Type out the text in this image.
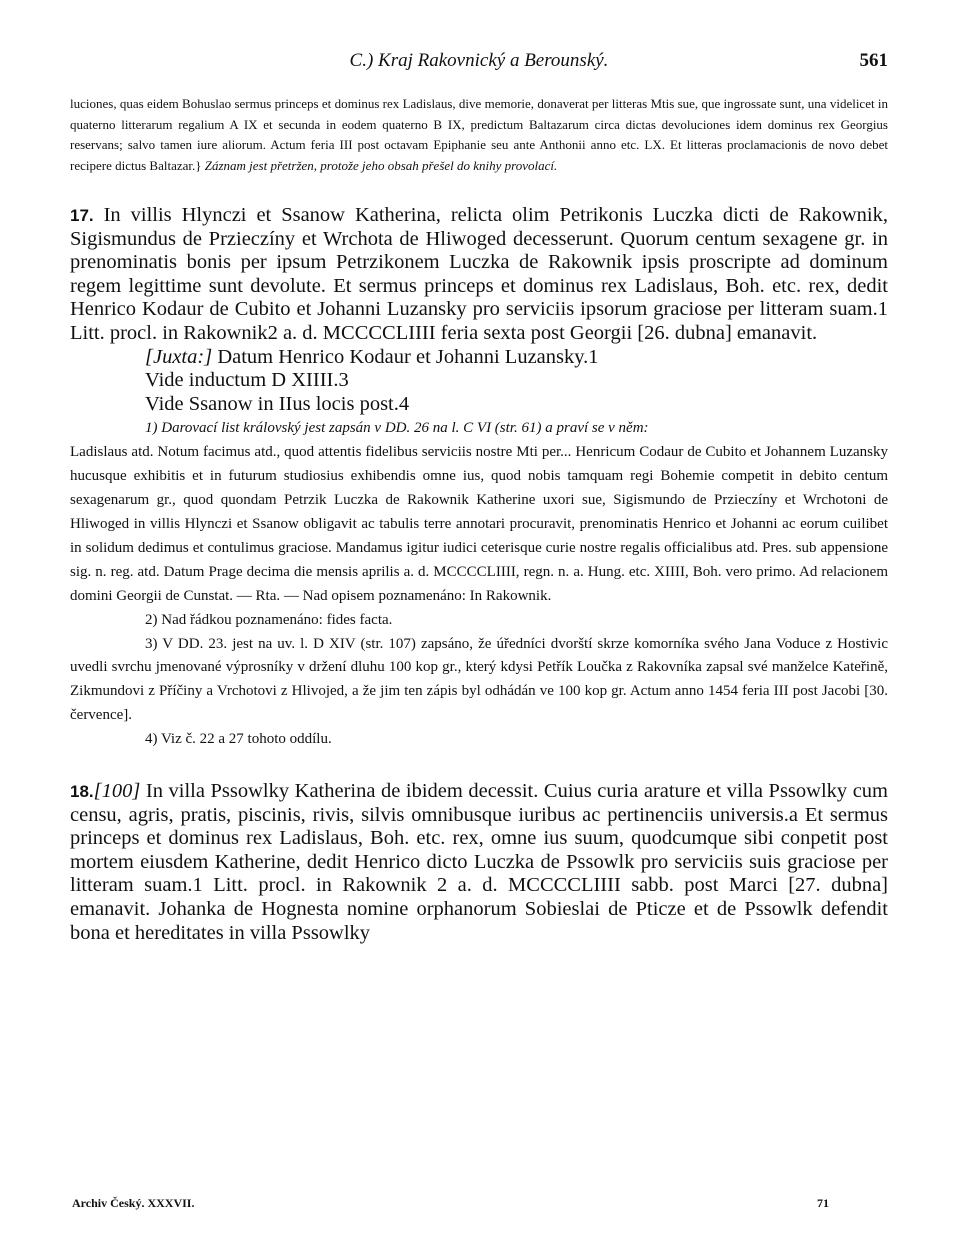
C.) Kraj Rakovnický a Berounský.	561

luciones, quas eidem Bohuslao sermus princeps et dominus rex Ladislaus, dive memorie, donaverat per litteras Mtis sue, que ingrossate sunt, una videlicet in quaterno litterarum regalium A IX et secunda in eodem quaterno B IX, predictum Baltazarum circa dictas devoluciones idem dominus rex Georgius reservans; salvo tamen iure aliorum. Actum feria III post octavam Epiphanie seu ante Anthonii anno etc. LX. Et litteras proclamacionis de novo debet recipere dictus Baltazar.} Záznam jest přetržen, protože jeho obsah přešel do knihy provolací.

17. In villis Hlynczi et Ssanow Katherina, relicta olim Petrikonis Luczka dicti de Rakownik, Sigismundus de Przieczíny et Wrchota de Hliwoged decesserunt. Quorum centum sexagene gr. in prenominatis bonis per ipsum Petrzikonem Luczka de Rakownik ipsis proscripte ad dominum regem legittime sunt devolute. Et sermus princeps et dominus rex Ladislaus, Boh. etc. rex, dedit Henrico Kodaur de Cubito et Johanni Luzansky pro serviciis ipsorum graciose per litteram suam.1 Litt. procl. in Rakownik2 a. d. MCCCCLIIII feria sexta post Georgii [26. dubna] emanavit.

[Juxta:] Datum Henrico Kodaur et Johanni Luzansky.1

Vide inductum D XIIII.3

Vide Ssanow in IIus locis post.4

1) Darovací list královský jest zapsán v DD. 26 na l. C VI (str. 61) a praví se v něm:

Ladislaus atd. Notum facimus atd., quod attentis fidelibus serviciis nostre Mti per... Henricum Codaur de Cubito et Johannem Luzansky hucusque exhibitis et in futurum studiosius exhibendis omne ius, quod nobis tamquam regi Bohemie competit in debito centum sexagenarum gr., quod quondam Petrzik Luczka de Rakownik Katherine uxori sue, Sigismundo de Przieczíny et Wrchotoni de Hliwoged in villis Hlynczi et Ssanow obligavit ac tabulis terre annotari procuravit, prenominatis Henrico et Johanni ac eorum cuilibet in solidum dedimus et contulimus graciose. Mandamus igitur iudici ceterisque curie nostre regalis officialibus atd. Pres. sub appensione sig. n. reg. atd. Datum Prage decima die mensis aprilis a. d. MCCCCLIIII, regn. n. a. Hung. etc. XIIII, Boh. vero primo. Ad relacionem domini Georgii de Cunstat. — Rta. — Nad opisem poznamenáno: In Rakownik.

2) Nad řádkou poznamenáno: fides facta.

3) V DD. 23. jest na uv. l. D XIV (str. 107) zapsáno, že úředníci dvorští skrze komorníka svého Jana Voduce z Hostivic uvedli svrchu jmenované výprosníky v držení dluhu 100 kop gr., který kdysi Petřík Loučka z Rakovníka zapsal své manželce Kateřině, Zikmundovi z Příčiny a Vrchotovi z Hlivojed, a že jim ten zápis byl odhádán ve 100 kop gr. Actum anno 1454 feria III post Jacobi [30. července].

4) Viz č. 22 a 27 tohoto oddílu.

18.[100] In villa Pssowlky Katherina de ibidem decessit. Cuius curia arature et villa Pssowlky cum censu, agris, pratis, piscinis, rivis, silvis omnibusque iuribus ac pertinenciis universis.a Et sermus princeps et dominus rex Ladislaus, Boh. etc. rex, omne ius suum, quodcumque sibi conpetit post mortem eiusdem Katherine, dedit Henrico dicto Luczka de Pssowlk pro serviciis suis graciose per litteram suam.1 Litt. procl. in Rakownik 2 a. d. MCCCCLIIII sabb. post Marci [27. dubna] emanavit. Johanka de Hognesta nomine orphanorum Sobieslai de Pticze et de Pssowlk defendit bona et hereditates in villa Pssowlky

Archiv Český. XXXVII.	71
